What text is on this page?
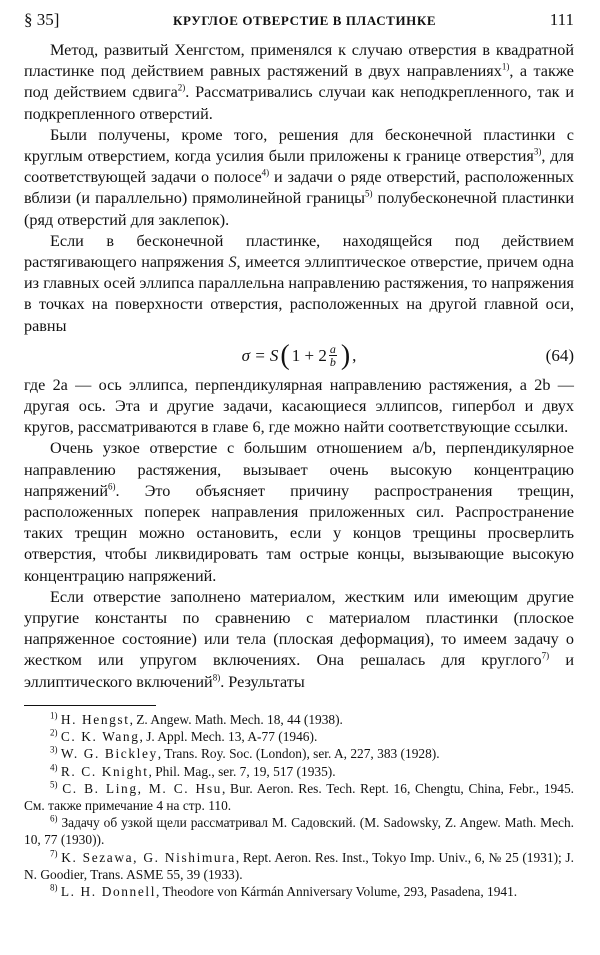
§ 35]	КРУГЛОЕ ОТВЕРСТИЕ В ПЛАСТИНКЕ	111

Метод, развитый Хенгстом, применялся к случаю отверстия в квадратной пластинке под действием равных растяжений в двух направлениях$^{1)}$, а также под действием сдвига$^{2)}$. Рассматривались случаи как неподкрепленного, так и подкрепленного отверстий.

Были получены, кроме того, решения для бесконечной пластинки с круглым отверстием, когда усилия были приложены к границе отверстия$^{3)}$, для соответствующей задачи о полосе$^{4)}$ и задачи о ряде отверстий, расположенных вблизи (и параллельно) прямолинейной границы$^{5)}$ полубесконечной пластинки (ряд отверстий для заклепок).

Если в бесконечной пластинке, находящейся под действием растягивающего напряжения S, имеется эллиптическое отверстие, причем одна из главных осей эллипса параллельна направлению растяжения, то напряжения в точках на поверхности отверстия, расположенных на другой главной оси, равны

σ = S ( $1 + 2 \frac{a}{b}$ ) ,	(64)

где 2a — ось эллипса, перпендикулярная направлению растяжения, а 2b — другая ось. Эта и другие задачи, касающиеся эллипсов, гипербол и двух кругов, рассматриваются в главе 6, где можно найти соответствующие ссылки.

Очень узкое отверстие с большим отношением a/b, перпендикулярное направлению растяжения, вызывает очень высокую концентрацию напряжений$^{6)}$. Это объясняет причину распространения трещин, расположенных поперек направления приложенных сил. Распространение таких трещин можно остановить, если у концов трещины просверлить отверстия, чтобы ликвидировать там острые концы, вызывающие высокую концентрацию напряжений.

Если отверстие заполнено материалом, жестким или имеющим другие упругие константы по сравнению с материалом пластинки (плоское напряженное состояние) или тела (плоская деформация), то имеем задачу о жестком или упругом включениях. Она решалась для круглого$^{7)}$ и эллиптического включений$^{8)}$. Результаты

$^{1)}$ H. Hengst, Z. Angew. Math. Mech. 18, 44 (1938).

$^{2)}$ C. K. Wang, J. Appl. Mech. 13, A-77 (1946).

$^{3)}$ W. G. Bickley, Trans. Roy. Soc. (London), ser. A, 227, 383 (1928).

$^{4)}$ R. C. Knight, Phil. Mag., ser. 7, 19, 517 (1935).

$^{5)}$ C. B. Ling, M. C. Hsu, Bur. Aeron. Res. Tech. Rept. 16, Chengtu, China, Febr., 1945. См. также примечание 4 на стр. 110.

$^{6)}$ Задачу об узкой щели рассматривал М. Садовский. (M. Sadowsky, Z. Angew. Math. Mech. 10, 77 (1930)).

$^{7)}$ K. Sezawa, G. Nishimura, Rept. Aeron. Res. Inst., Tokyo Imp. Univ., 6, № 25 (1931); J. N. Goodier, Trans. ASME 55, 39 (1933).

$^{8)}$ L. H. Donnell, Theodore von Kármán Anniversary Volume, 293, Pasadena, 1941.
